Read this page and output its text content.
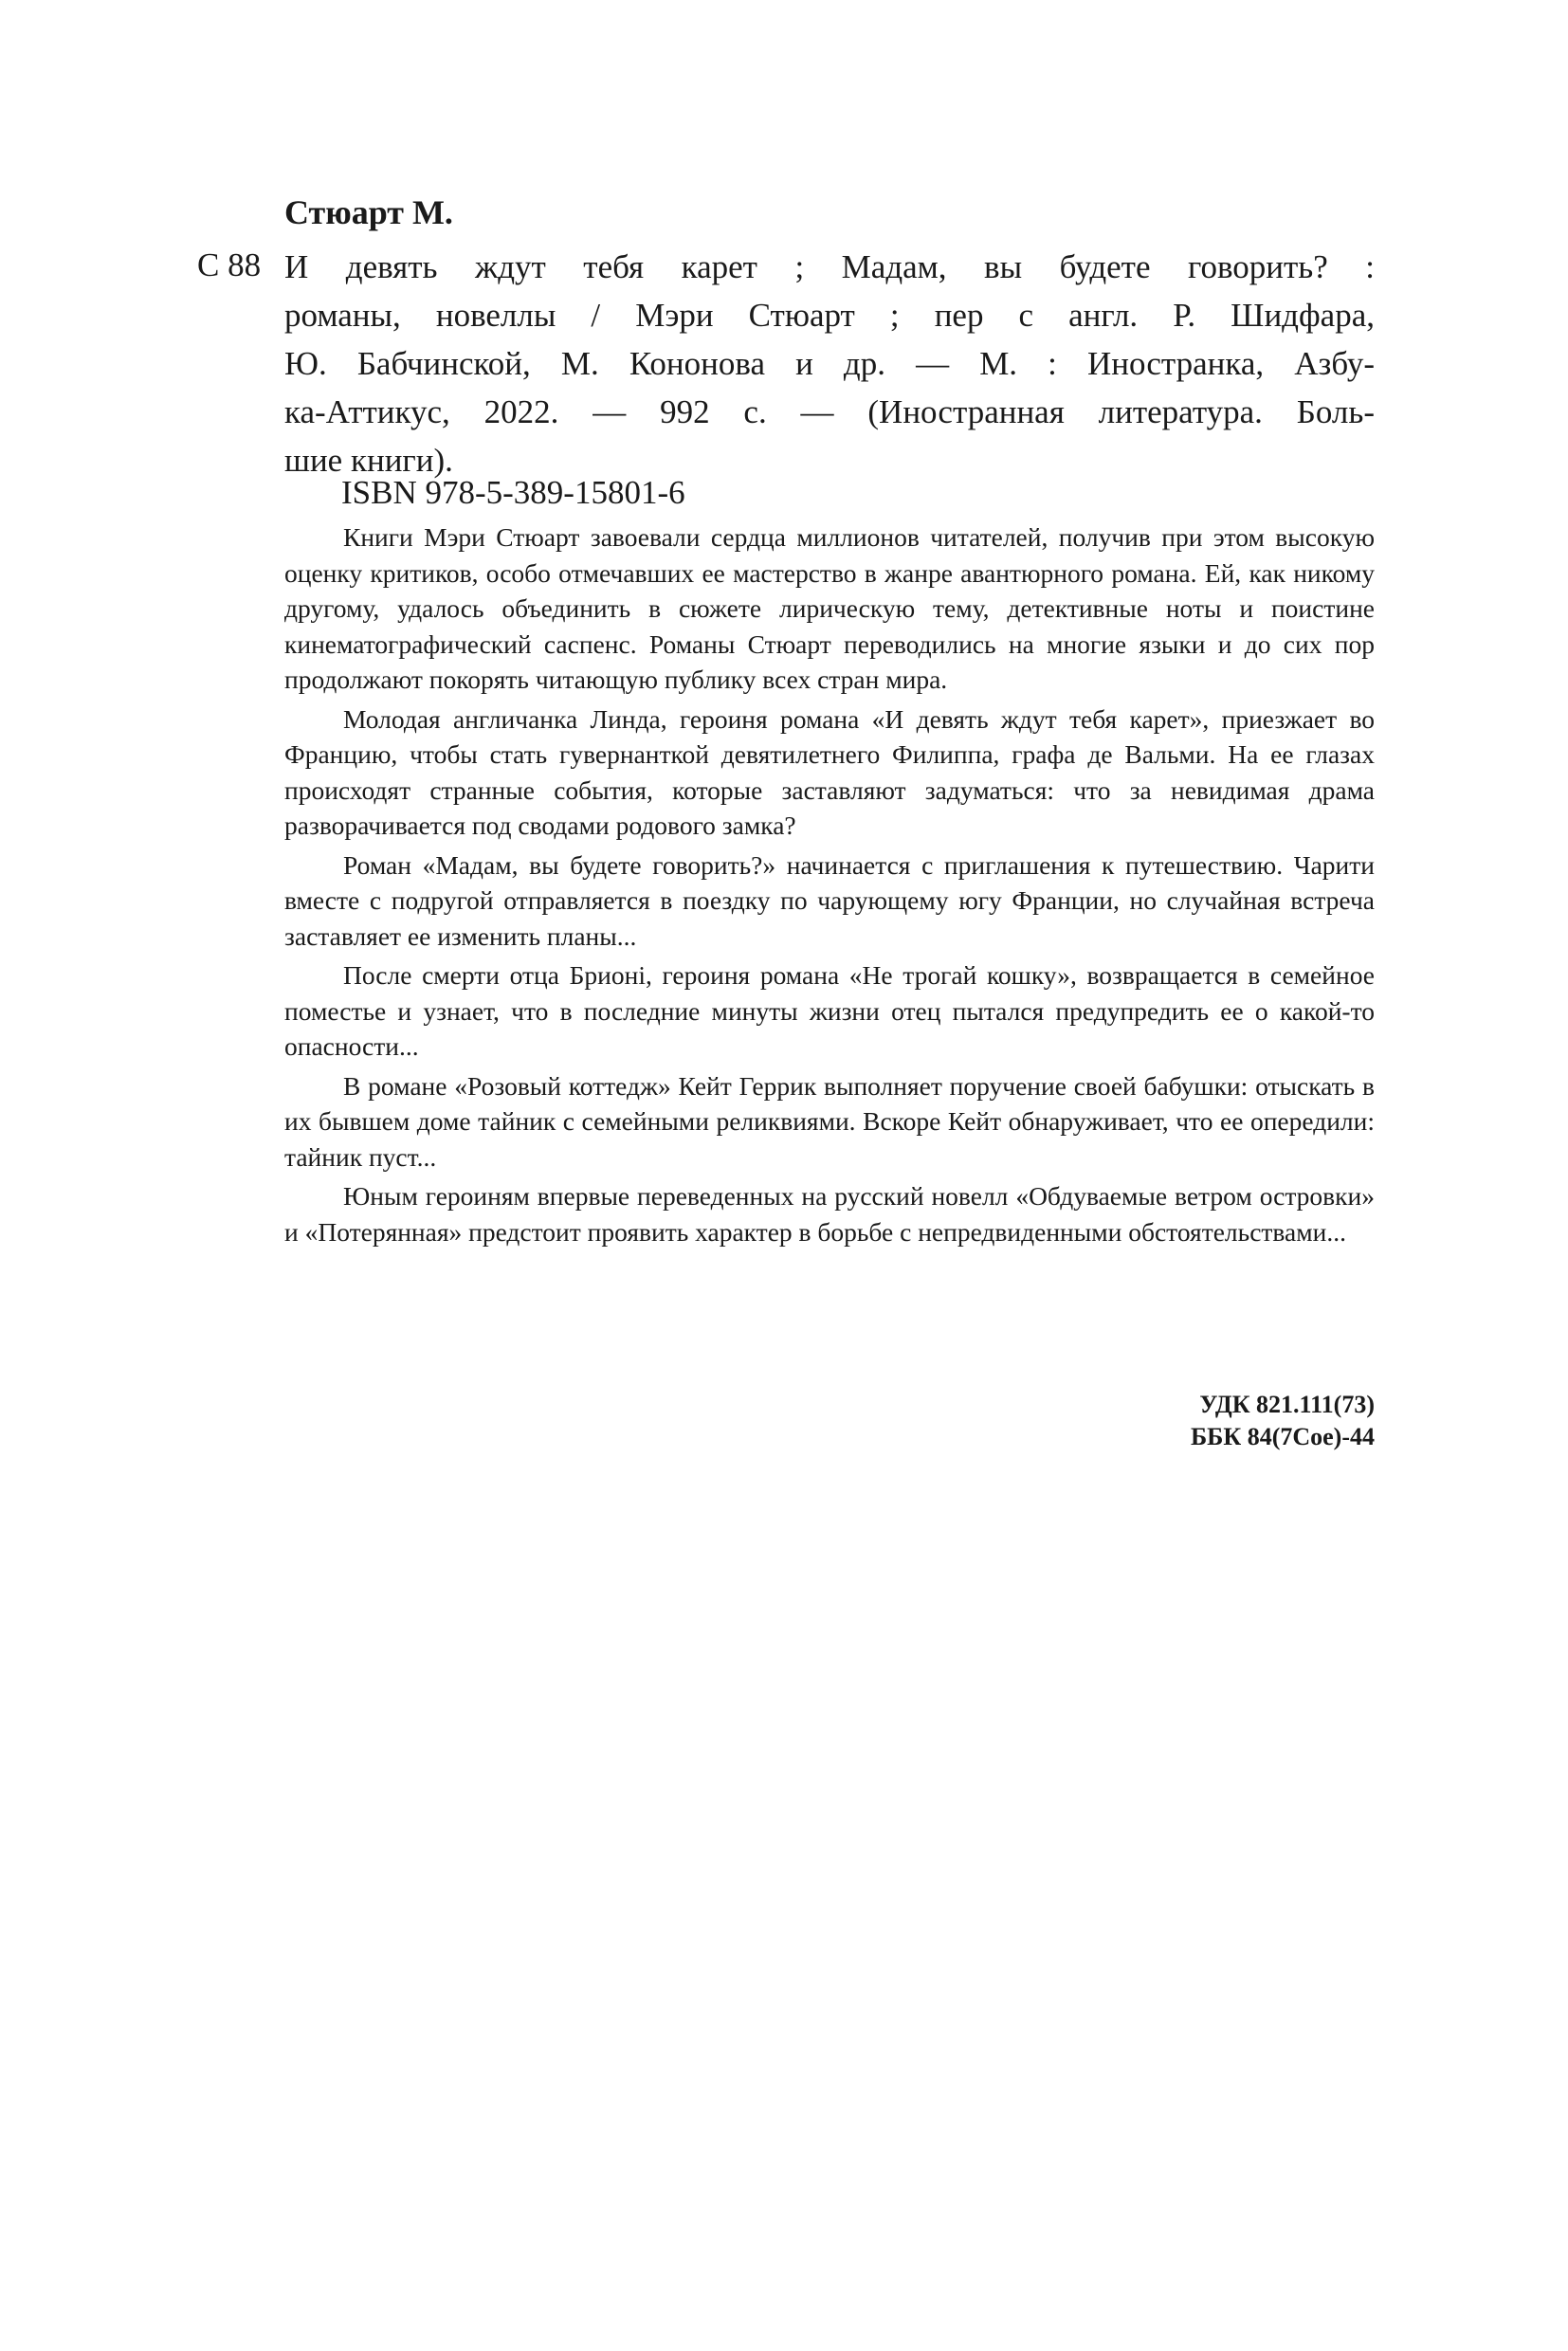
Стюарт М.
С 88 И девять ждут тебя карет ; Мадам, вы будете говорить? :
романы, новеллы / Мэри Стюарт ; пер с англ. Р. Шидфара,
Ю. Бабчинской, М. Кононова и др. — М. : Иностранка, Азбу-
ка-Аттикус, 2022. — 992 с. — (Иностранная литература. Боль-
шие книги).
ISBN 978-5-389-15801-6

Книги Мэри Стюарт завоевали сердца миллионов читателей, получив при этом высокую оценку критиков, особо отмечавших ее мастерство в жанре авантюрного романа. Ей, как никому другому, удалось объединить в сюжете лирическую тему, детективные ноты и поистине кинематографический саспенс. Романы Стюарт переводились на многие языки и до сих пор продолжают покорять читающую публику всех стран мира.

Молодая англичанка Линда, героиня романа «И девять ждут тебя карет», приезжает во Францию, чтобы стать гувернанткой девятилетнего Филиппа, графа де Вальми. На ее глазах происходят странные события, которые заставляют задуматься: что за невидимая драма разворачивается под сводами родового замка?

Роман «Мадам, вы будете говорить?» начинается с приглашения к путешествию. Чарити вместе с подругой отправляется в поездку по чарующему югу Франции, но случайная встреча заставляет ее изменить планы...

После смерти отца Брионі, героиня романа «Не трогай кошку», возвращается в семейное поместье и узнает, что в последние минуты жизни отец пытался предупредить ее о какой-то опасности...

В романе «Розовый коттедж» Кейт Геррик выполняет поручение своей бабушки: отыскать в их бывшем доме тайник с семейными реликвиями. Вскоре Кейт обнаруживает, что ее опередили: тайник пуст...

Юным героиням впервые переведенных на русский новелл «Обдуваемые ветром островки» и «Потерянная» предстоит проявить характер в борьбе с непредвиденными обстоятельствами...

УДК 821.111(73)
ББК 84(7Сое)-44
